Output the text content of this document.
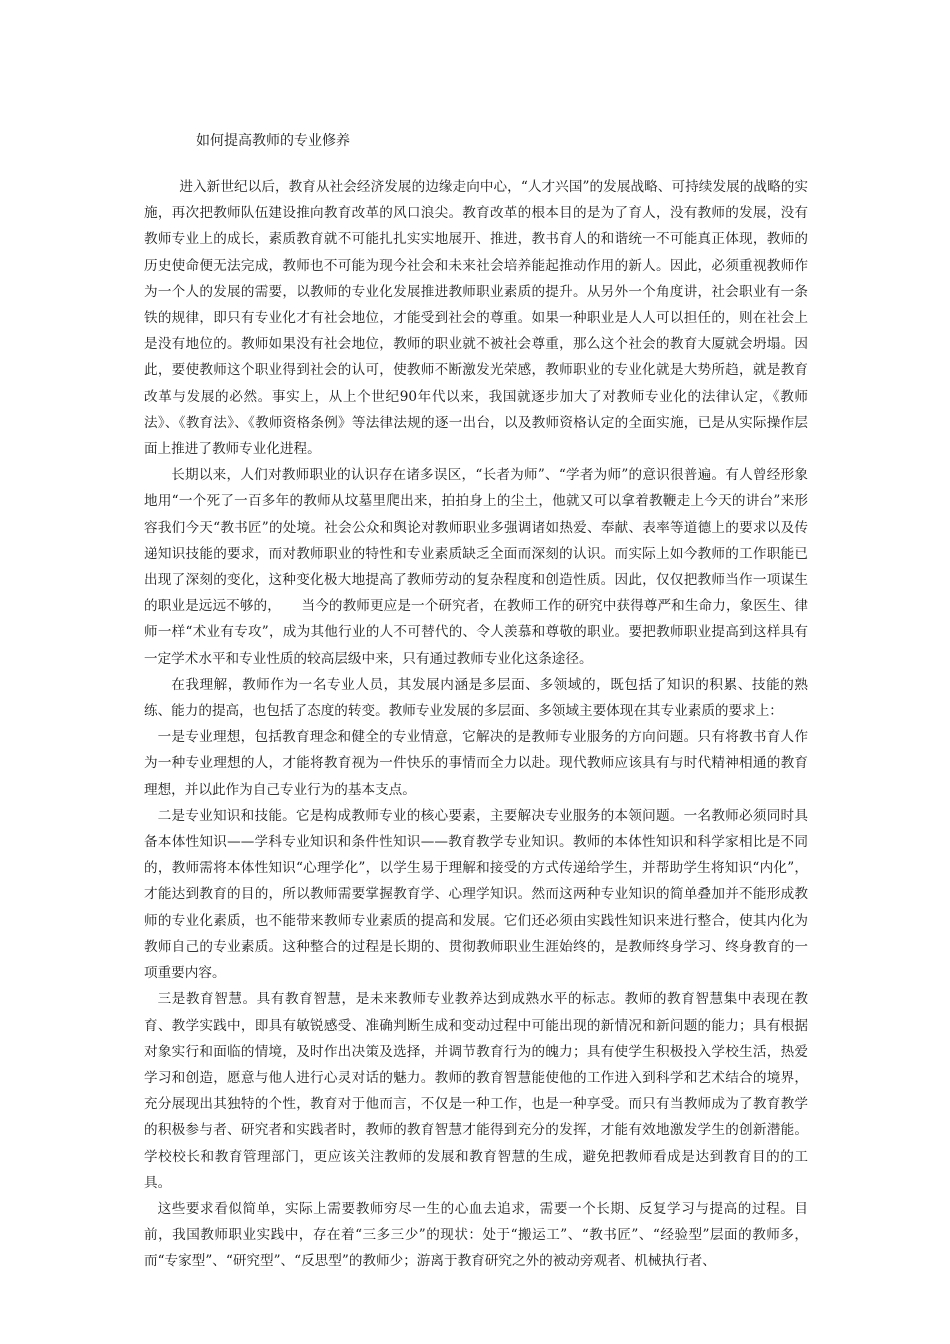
如何提高教师的专业修养

进入新世纪以后，教育从社会经济发展的边缘走向中心，“人才兴国”的发展战略、可持续发展的战略的实施，再次把教师队伍建设推向教育改革的风口浪尖。教育改革的根本目的是为了育人，没有教师的发展，没有教师专业上的成长，素质教育就不可能扎扎实实地展开、推进，教书育人的和谐统一不可能真正体现，教师的历史使命便无法完成，教师也不可能为现今社会和未来社会培养能起推动作用的新人。因此，必须重视教师作为一个人的发展的需要，以教师的专业化发展推进教师职业素质的提升。从另外一个角度讲，社会职业有一条铁的规律，即只有专业化才有社会地位，才能受到社会的尊重。如果一种职业是人人可以担任的，则在社会上是没有地位的。教师如果没有社会地位，教师的职业就不被社会尊重，那么这个社会的教育大厦就会坍塌。因此，要使教师这个职业得到社会的认可，使教师不断激发光荣感，教师职业的专业化就是大势所趋，就是教育改革与发展的必然。事实上，从上个世纪90年代以来，我国就逐步加大了对教师专业化的法律认定，《教师法》、《教育法》、《教师资格条例》等法律法规的逐一出台，以及教师资格认定的全面实施，已是从实际操作层面上推进了教师专业化进程。

长期以来，人们对教师职业的认识存在诸多误区，“长者为师”、“学者为师”的意识很普遍。有人曾经形象地用“一个死了一百多年的教师从坟墓里爬出来，拍拍身上的尘土，他就又可以拿着教鞭走上今天的讲台”来形容我们今天“教书匠”的处境。社会公众和舆论对教师职业多强调诸如热爱、奉献、表率等道德上的要求以及传递知识技能的要求，而对教师职业的特性和专业素质缺乏全面而深刻的认识。而实际上如今教师的工作职能已出现了深刻的变化，这种变化极大地提高了教师劳动的复杂程度和创造性质。因此，仅仅把教师当作一项谋生的职业是远远不够的，　　当今的教师更应是一个研究者，在教师工作的研究中获得尊严和生命力，象医生、律师一样“术业有专攻”，成为其他行业的人不可替代的、令人羡慕和尊敬的职业。要把教师职业提高到这样具有一定学术水平和专业性质的较高层级中来，只有通过教师专业化这条途径。

在我理解，教师作为一名专业人员，其发展内涵是多层面、多领域的，既包括了知识的积累、技能的熟练、能力的提高，也包括了态度的转变。教师专业发展的多层面、多领域主要体现在其专业素质的要求上：

一是专业理想，包括教育理念和健全的专业情意，它解决的是教师专业服务的方向问题。只有将教书育人作为一种专业理想的人，才能将教育视为一件快乐的事情而全力以赴。现代教师应该具有与时代精神相通的教育理想，并以此作为自己专业行为的基本支点。

二是专业知识和技能。它是构成教师专业的核心要素，主要解决专业服务的本领问题。一名教师必须同时具备本体性知识——学科专业知识和条件性知识——教育教学专业知识。教师的本体性知识和科学家相比是不同的，教师需将本体性知识“心理学化”，以学生易于理解和接受的方式传递给学生，并帮助学生将知识“内化”，才能达到教育的目的，所以教师需要掌握教育学、心理学知识。然而这两种专业知识的简单叠加并不能形成教师的专业化素质，也不能带来教师专业素质的提高和发展。它们还必须由实践性知识来进行整合，使其内化为教师自己的专业素质。这种整合的过程是长期的、贯彻教师职业生涯始终的，是教师终身学习、终身教育的一项重要内容。

三是教育智慧。具有教育智慧，是未来教师专业教养达到成熟水平的标志。教师的教育智慧集中表现在教育、教学实践中，即具有敏锐感受、准确判断生成和变动过程中可能出现的新情况和新问题的能力；具有根据对象实行和面临的情境，及时作出决策及选择，并调节教育行为的魄力；具有使学生积极投入学校生活，热爱学习和创造，愿意与他人进行心灵对话的魅力。教师的教育智慧能使他的工作进入到科学和艺术结合的境界，充分展现出其独特的个性，教育对于他而言，不仅是一种工作，也是一种享受。而只有当教师成为了教育教学的积极参与者、研究者和实践者时，教师的教育智慧才能得到充分的发挥，才能有效地激发学生的创新潜能。学校校长和教育管理部门，更应该关注教师的发展和教育智慧的生成，避免把教师看成是达到教育目的的工具。

这些要求看似简单，实际上需要教师穷尽一生的心血去追求，需要一个长期、反复学习与提高的过程。目前，我国教师职业实践中，存在着“三多三少”的现状：处于“搬运工”、“教书匠”、“经验型”层面的教师多，而“专家型”、“研究型”、“反思型”的教师少；游离于教育研究之外的被动旁观者、机械执行者、
